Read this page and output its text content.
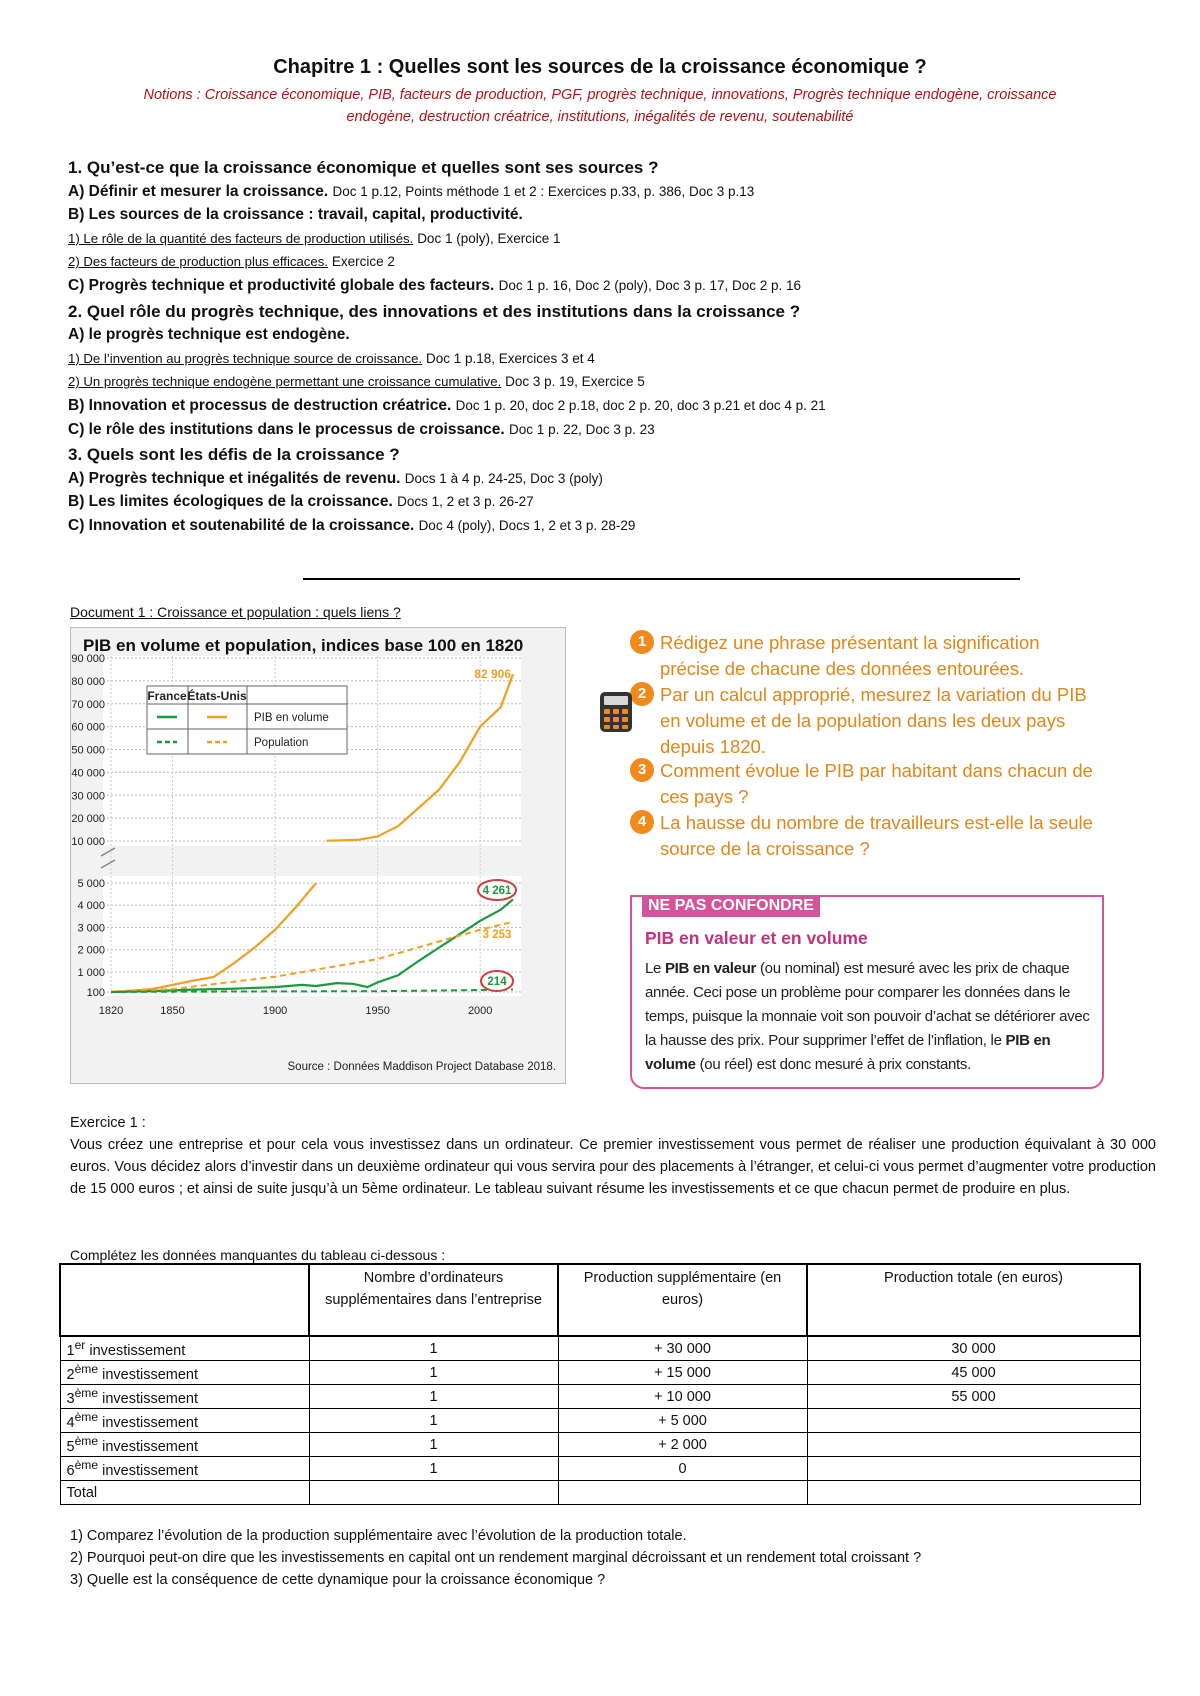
Chapitre 1 : Quelles sont les sources de la croissance économique ?
Notions : Croissance économique, PIB, facteurs de production, PGF, progrès technique, innovations, Progrès technique endogène, croissance
endogène, destruction créatrice, institutions, inégalités de revenu, soutenabilité
1. Qu’est-ce que la croissance économique et quelles sont ses sources ?
A) Définir et mesurer la croissance. Doc 1 p.12, Points méthode 1 et 2 : Exercices p.33, p. 386, Doc 3 p.13
B) Les sources de la croissance : travail, capital, productivité.
1) Le rôle de la quantité des facteurs de production utilisés. Doc 1 (poly), Exercice 1
2) Des facteurs de production plus efficaces. Exercice 2
C) Progrès technique et productivité globale des facteurs. Doc 1 p. 16, Doc 2 (poly), Doc 3 p. 17, Doc 2 p. 16
2. Quel rôle du progrès technique, des innovations et des institutions dans la croissance ?
A) le progrès technique est endogène.
1) De l’invention au progrès technique source de croissance. Doc 1 p.18, Exercices 3 et 4
2) Un progrès technique endogène permettant une croissance cumulative. Doc 3 p. 19, Exercice 5
B) Innovation et processus de destruction créatrice. Doc 1 p. 20, doc 2 p.18, doc 2 p. 20, doc 3 p.21 et doc 4 p. 21
C) le rôle des institutions dans le processus de croissance. Doc 1 p. 22, Doc 3 p. 23
3. Quels sont les défis de la croissance ?
A) Progrès technique et inégalités de revenu. Docs 1 à 4 p. 24-25, Doc 3 (poly)
B) Les limites écologiques de la croissance. Docs 1, 2 et 3 p. 26-27
C) Innovation et soutenabilité de la croissance. Doc 4 (poly), Docs 1, 2 et 3 p. 28-29
Document 1 : Croissance et population : quels liens ?
PIB en volume et population, indices base 100 en 1820
90 000
80 000
70 000
60 000
50 000
40 000
30 000
20 000
10 000
5 000
4 000
3 000
2 000
1 000
100
1820	1850	1900	1950	2000
82 906
4 261
3 253
214
France États-Unis
PIB en volume
Population
Source : Données Maddison Project Database 2018.
1 Rédigez une phrase présentant la signification précise de chacune des données entourées.
2 Par un calcul approprié, mesurez la variation du PIB en volume et de la population dans les deux pays depuis 1820.
3 Comment évolue le PIB par habitant dans chacun de ces pays ?
4 La hausse du nombre de travailleurs est-elle la seule source de la croissance ?
NE PAS CONFONDRE
PIB en valeur et en volume
Le PIB en valeur (ou nominal) est mesuré avec les prix de chaque année. Ceci pose un problème pour comparer les données dans le temps, puisque la monnaie voit son pouvoir d’achat se détériorer avec la hausse des prix. Pour supprimer l’effet de l’inflation, le PIB en volume (ou réel) est donc mesuré à prix constants.
Exercice 1 :
Vous créez une entreprise et pour cela vous investissez dans un ordinateur. Ce premier investissement vous permet de réaliser une production équivalant à 30 000 euros. Vous décidez alors d’investir dans un deuxième ordinateur qui vous servira pour des placements à l’étranger, et celui-ci vous permet d’augmenter votre production de 15 000 euros ; et ainsi de suite jusqu’à un 5ème ordinateur. Le tableau suivant résume les investissements et ce que chacun permet de produire en plus.
Complétez les données manquantes du tableau ci-dessous :
	Nombre d’ordinateurs supplémentaires dans l’entreprise	Production supplémentaire (en euros)	Production totale (en euros)
1er investissement	1	+ 30 000	30 000
2ème investissement	1	+ 15 000	45 000
3ème investissement	1	+ 10 000	55 000
4ème investissement	1	+ 5 000	
5ème investissement	1	+ 2 000	
6ème investissement	1	0	
Total			
1) Comparez l’évolution de la production supplémentaire avec l’évolution de la production totale.
2) Pourquoi peut-on dire que les investissements en capital ont un rendement marginal décroissant et un rendement total croissant ?
3) Quelle est la conséquence de cette dynamique pour la croissance économique ?
